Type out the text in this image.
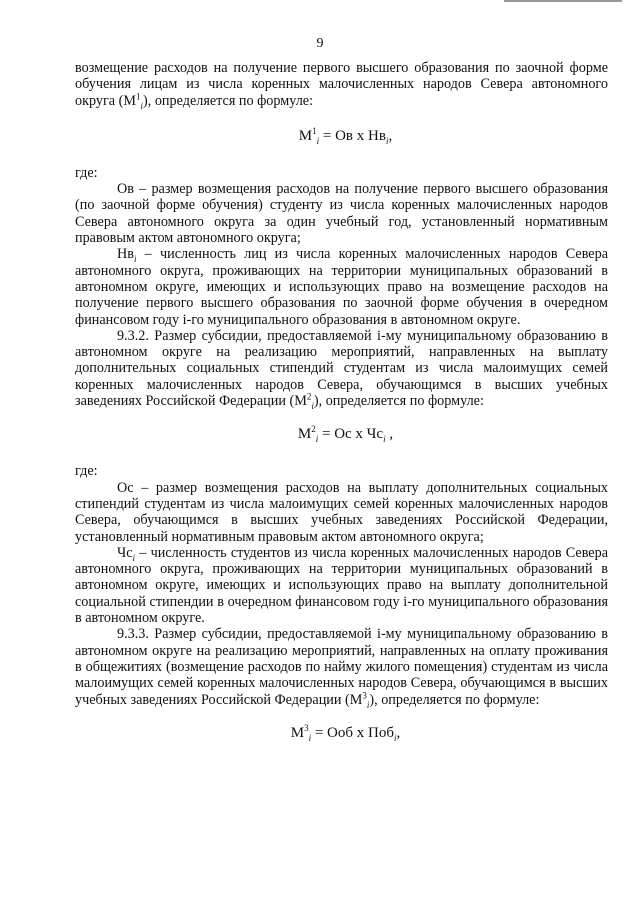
9

возмещение расходов на получение первого высшего образования по заочной форме обучения лицам из числа коренных малочисленных народов Севера автономного округа $(M^1_i)$, определяется по формуле:

$M^1_i$ = Ов х $Нв_i$,

где:

Ов – размер возмещения расходов на получение первого высшего образования (по заочной форме обучения) студенту из числа коренных малочисленных народов Севера автономного округа за один учебный год, установленный нормативным правовым актом автономного округа;

$Нв_i$ – численность лиц из числа коренных малочисленных народов Севера автономного округа, проживающих на территории муниципальных образований в автономном округе, имеющих и использующих право на возмещение расходов на получение первого высшего образования по заочной форме обучения в очередном финансовом году i-го муниципального образования в автономном округе.

9.3.2. Размер субсидии, предоставляемой i-му муниципальному образованию в автономном округе на реализацию мероприятий, направленных на выплату дополнительных социальных стипендий студентам из числа малоимущих семей коренных малочисленных народов Севера, обучающимся в высших учебных заведениях Российской Федерации $(M^2_i)$, определяется по формуле:

$M^2_i$ = Ос х $Чс_i$ ,

где:

Ос – размер возмещения расходов на выплату дополнительных социальных стипендий студентам из числа малоимущих семей коренных малочисленных народов Севера, обучающимся в высших учебных заведениях Российской Федерации, установленный нормативным правовым актом автономного округа;

$Чс_i$ – численность студентов из числа коренных малочисленных народов Севера автономного округа, проживающих на территории муниципальных образований в автономном округе, имеющих и использующих право на выплату дополнительной социальной стипендии в очередном финансовом году i-го муниципального образования в автономном округе.

9.3.3. Размер субсидии, предоставляемой i-му муниципальному образованию в автономном округе на реализацию мероприятий, направленных на оплату проживания в общежитиях (возмещение расходов по найму жилого помещения) студентам из числа малоимущих семей коренных малочисленных народов Севера, обучающимся в высших учебных заведениях Российской Федерации $(M^3_i)$, определяется по формуле:

$M^3_i$ = Ооб х Поб$_i$,
